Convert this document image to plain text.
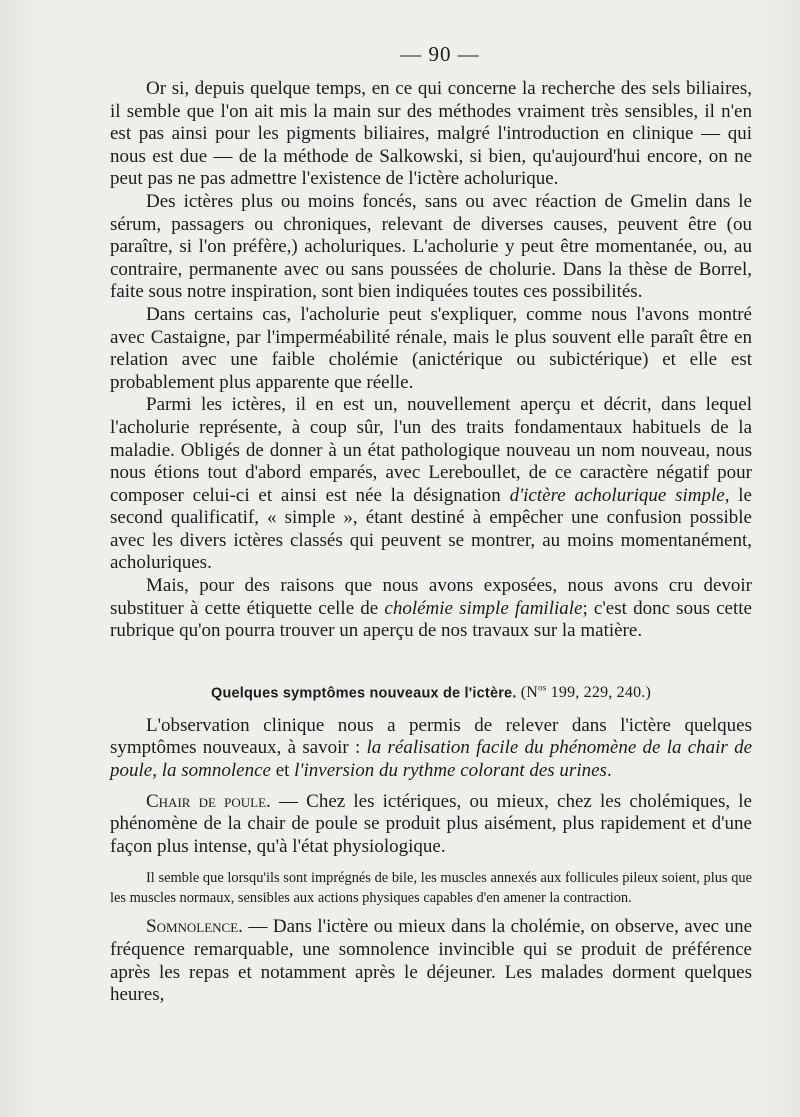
— 90 —

Or si, depuis quelque temps, en ce qui concerne la recherche des sels biliaires, il semble que l'on ait mis la main sur des méthodes vraiment très sensibles, il n'en est pas ainsi pour les pigments biliaires, malgré l'introduction en clinique — qui nous est due — de la méthode de Salkowski, si bien, qu'aujourd'hui encore, on ne peut pas ne pas admettre l'existence de l'ictère acholurique.

Des ictères plus ou moins foncés, sans ou avec réaction de Gmelin dans le sérum, passagers ou chroniques, relevant de diverses causes, peuvent être (ou paraître, si l'on préfère,) acholuriques. L'acholurie y peut être momentanée, ou, au contraire, permanente avec ou sans poussées de cholurie. Dans la thèse de Borrel, faite sous notre inspiration, sont bien indiquées toutes ces possibilités.

Dans certains cas, l'acholurie peut s'expliquer, comme nous l'avons montré avec Castaigne, par l'imperméabilité rénale, mais le plus souvent elle paraît être en relation avec une faible cholémie (anictérique ou subictérique) et elle est probablement plus apparente que réelle.

Parmi les ictères, il en est un, nouvellement aperçu et décrit, dans lequel l'acholurie représente, à coup sûr, l'un des traits fondamentaux habituels de la maladie. Obligés de donner à un état pathologique nouveau un nom nouveau, nous nous étions tout d'abord emparés, avec Lereboullet, de ce caractère négatif pour composer celui-ci et ainsi est née la désignation d'ictère acholurique simple, le second qualificatif, « simple », étant destiné à empêcher une confusion possible avec les divers ictères classés qui peuvent se montrer, au moins momentanément, acholuriques.

Mais, pour des raisons que nous avons exposées, nous avons cru devoir substituer à cette étiquette celle de cholémie simple familiale; c'est donc sous cette rubrique qu'on pourra trouver un aperçu de nos travaux sur la matière.

Quelques symptômes nouveaux de l'ictère. ($N^{os}$ 199, 229, 240.)

L'observation clinique nous a permis de relever dans l'ictère quelques symptômes nouveaux, à savoir : la réalisation facile du phénomène de la chair de poule, la somnolence et l'inversion du rythme colorant des urines.

Chair de poule. — Chez les ictériques, ou mieux, chez les cholémiques, le phénomène de la chair de poule se produit plus aisément, plus rapidement et d'une façon plus intense, qu'à l'état physiologique.

Il semble que lorsqu'ils sont imprégnés de bile, les muscles annexés aux follicules pileux soient, plus que les muscles normaux, sensibles aux actions physiques capables d'en amener la contraction.

Somnolence. — Dans l'ictère ou mieux dans la cholémie, on observe, avec une fréquence remarquable, une somnolence invincible qui se produit de préférence après les repas et notamment après le déjeuner. Les malades dorment quelques heures,
